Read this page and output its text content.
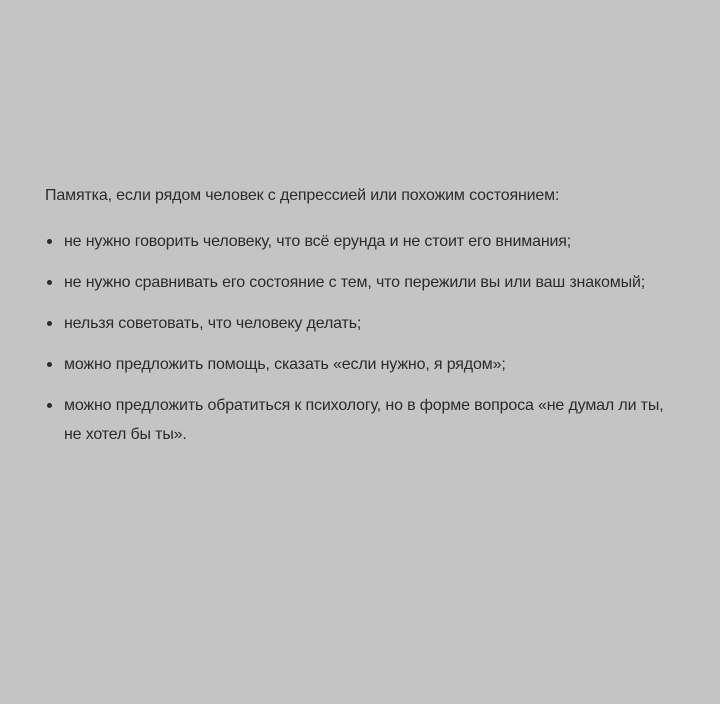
Памятка, если рядом человек с депрессией или похожим состоянием:

не нужно говорить человеку, что всё ерунда и не стоит его внимания;
не нужно сравнивать его состояние с тем, что пережили вы или ваш знакомый;
нельзя советовать, что человеку делать;
можно предложить помощь, сказать «если нужно, я рядом»;
можно предложить обратиться к психологу, но в форме вопроса «не думал ли ты, не хотел бы ты».
